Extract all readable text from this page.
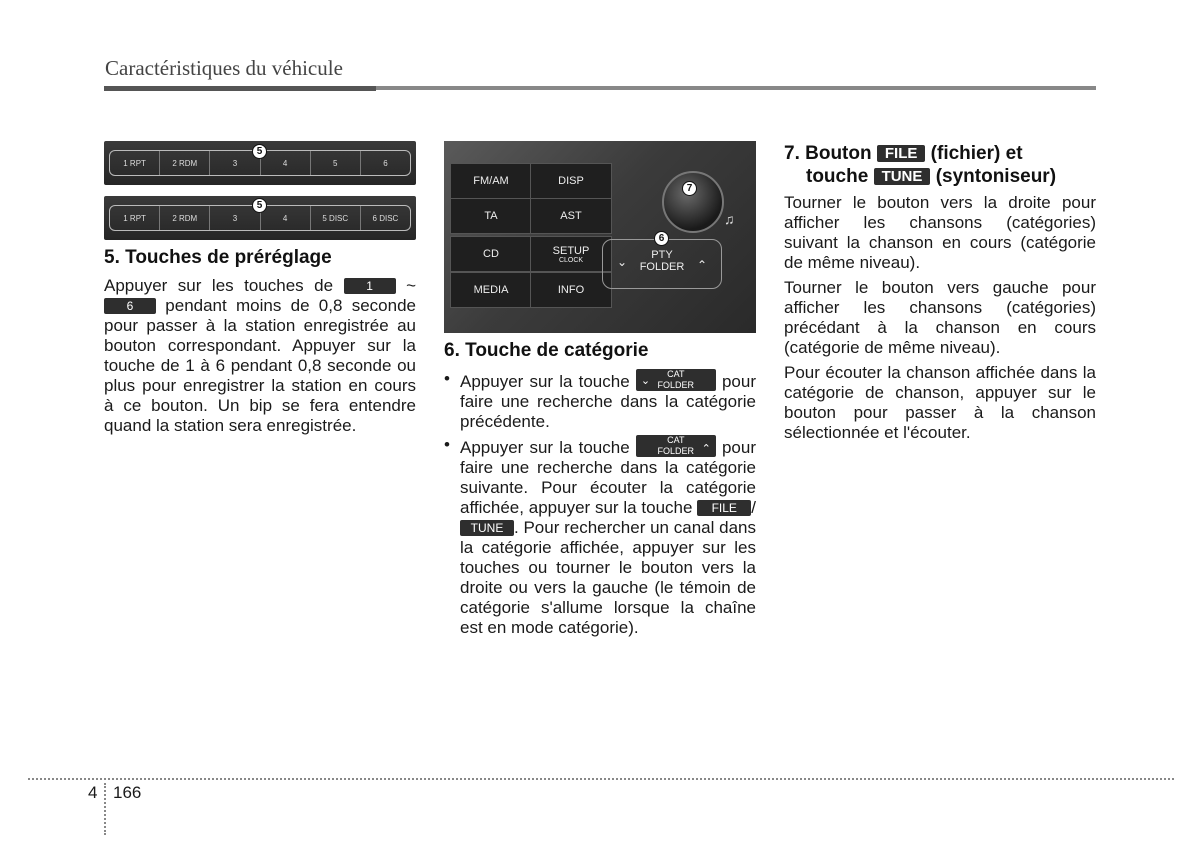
Caractéristiques du véhicule
1 RPT	2 RDM	3	4	5	6
5
1 RPT	2 RDM	3	4	5 DISC	6 DISC
5
5. Touches de préréglage
Appuyer sur les touches de	1 ~ 6 pendant moins de 0,8 seconde pour passer à la station enregistrée au bouton correspondant. Appuyer sur la touche de 1 à 6 pendant 0,8 seconde ou plus pour enregistrer la station en cours à ce bouton. Un bip se fera entendre quand la station sera enregistrée.
FM/AM	DISP
TA	AST
CD	SETUP
CLOCK
MEDIA	INFO
7
♫
PTY
FOLDER
⌄	⌃
6
6. Touche de catégorie
• Appuyer sur la touche ⌄
CAT
FOLDER	pour faire une recherche dans la catégorie précédente.
• Appuyer sur la touche	⌃
CAT
FOLDER	pour faire une recherche dans la catégorie suivante. Pour écouter la catégorie affichée, appuyer sur la touche FILE /TUNE . Pour rechercher un canal dans la catégorie affichée, appuyer sur les touches ou tourner le bouton vers la droite ou vers la gauche (le témoin de catégorie s'allume lorsque la chaîne est en mode catégorie).
7. Bouton FILE (fichier) et
touche TUNE (syntoniseur)
Tourner le bouton vers la droite pour afficher les chansons (catégories) suivant la chanson en cours (catégorie de même niveau).
Tourner le bouton vers gauche pour afficher les chansons (catégories) précédant à la chanson en cours (catégorie de même niveau).
Pour écouter la chanson affichée dans la catégorie de chanson, appuyer sur le bouton pour passer à la chanson sélectionnée et l'écouter.
4 166
